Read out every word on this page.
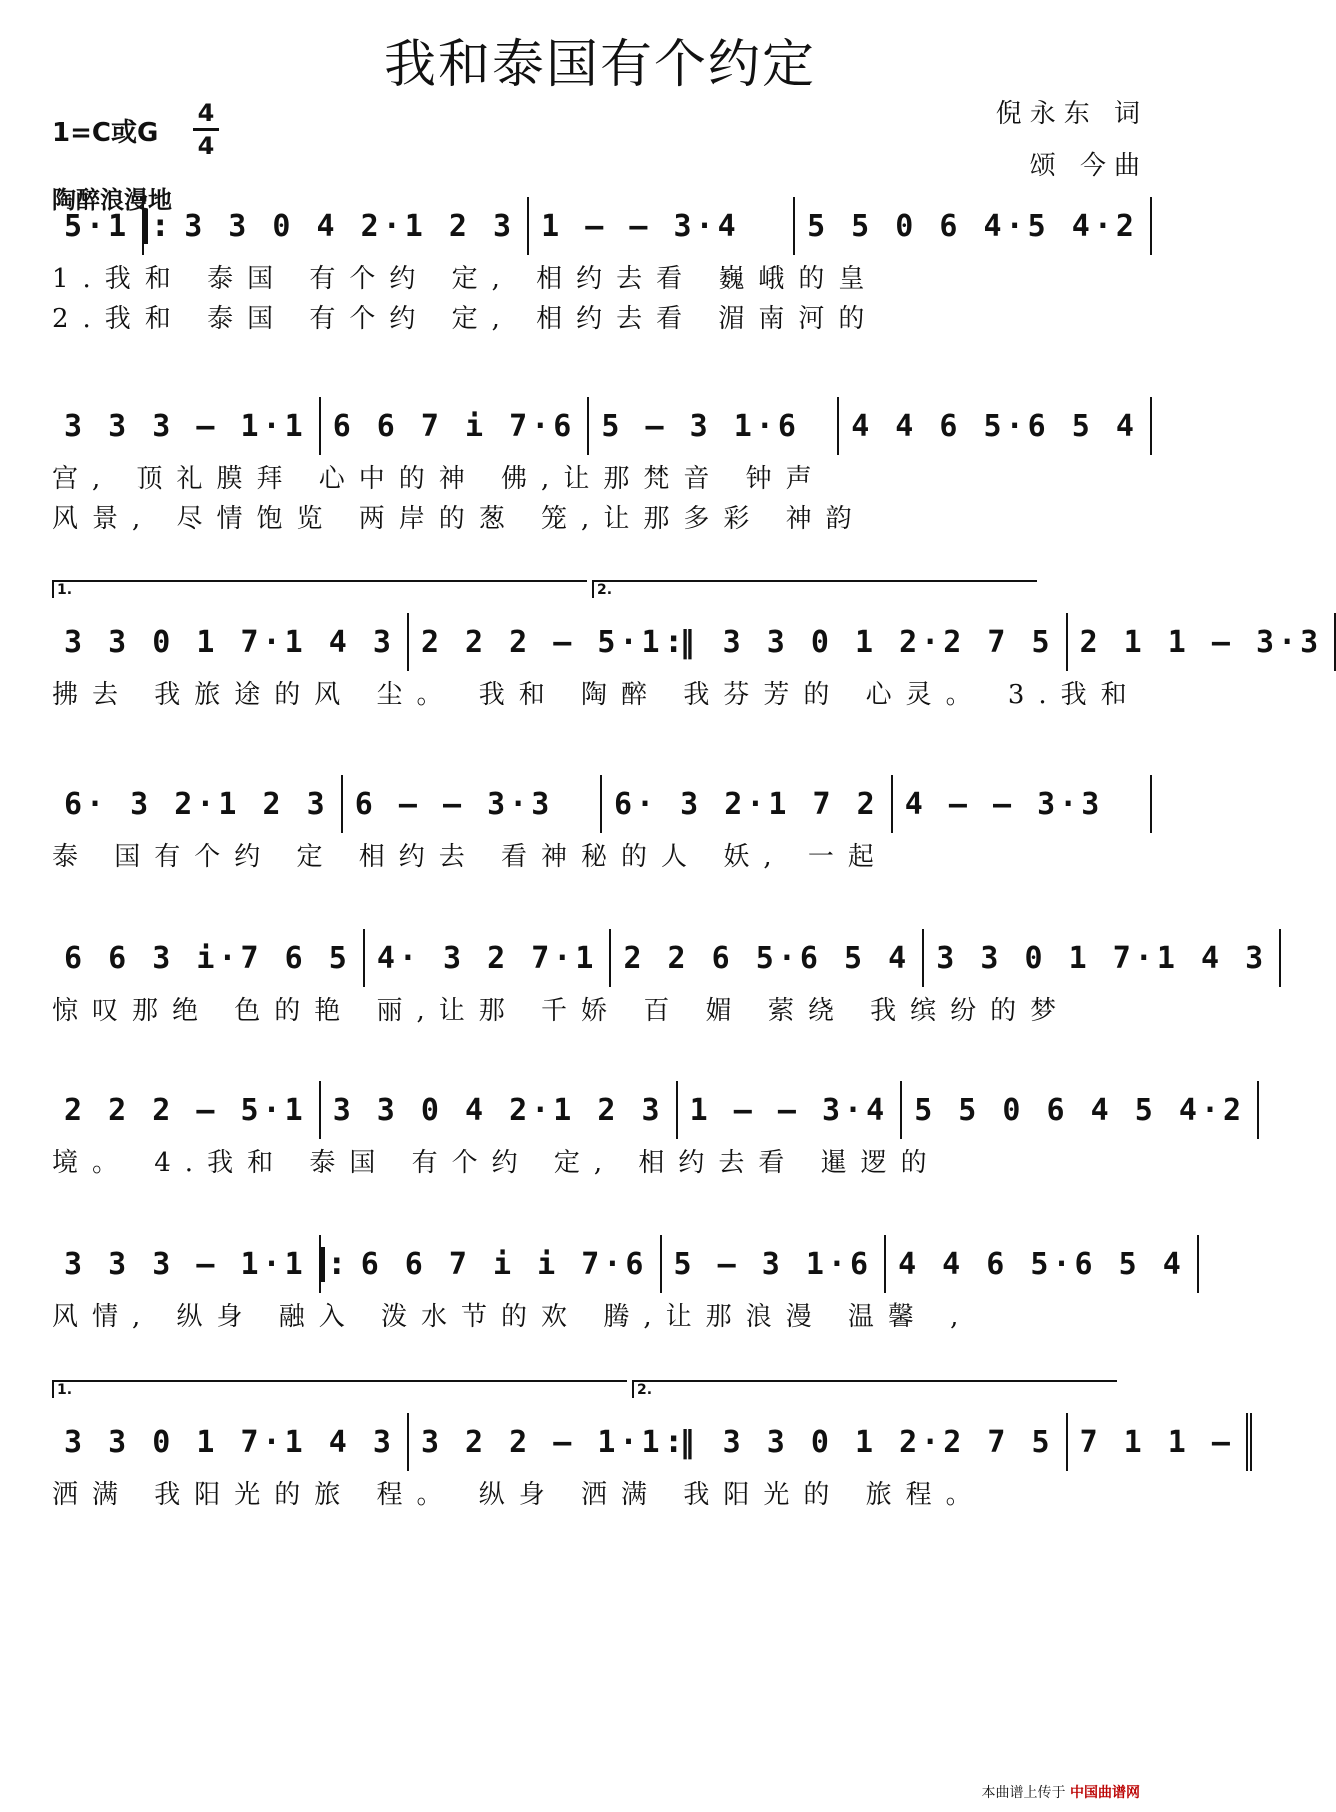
我和泰国有个约定
倪永东 词
颂 今曲
1=C或G
4
4
陶醉浪漫地
5·1 : 3 3 0 4 2·1 2 3 1 – – 3·4 5 5 0 6 4·5 4·2
1.我和 泰国 有个约 定, 相约去看 巍峨的皇
2.我和 泰国 有个约 定, 相约去看 湄南河的
3 3 3 – 1·1 6 6 7 i 7·6 5 – 3 1·6 4 4 6 5·6 5 4
宫, 顶礼膜拜 心中的神 佛,让那梵音 钟声
风景, 尽情饱览 两岸的葱 笼,让那多彩 神韵
1.	2.
3 3 0 1 7·1 4 3 2 2 2 – 5·1 :‖ 3 3 0 1 2·2 7 5 2 1 1 – 3·3
拂去 我旅途的风 尘。 我和 陶醉 我芬芳的 心灵。 3.我和
6· 3 2·1 2 3 6 – – 3·3 6· 3 2·1 7 2 4 – – 3·3
泰 国有个约 定 相约去 看神秘的人 妖, 一起
6 6 3 i·7 6 5 4· 3 2 7·1 2 2 6 5·6 5 4 3 3 0 1 7·1 4 3
惊叹那绝 色的艳 丽,让那 千娇 百 媚 萦绕 我缤纷的梦
2 2 2 – 5·1 3 3 0 4 2·1 2 3 1 – – 3·4 5 5 0 6 4 5 4·2
境。 4.我和 泰国 有个约 定, 相约去看 暹逻的
3 3 3 – 1·1 : 6 6 7 i i 7·6 5 – 3 1·6 4 4 6 5·6 5 4
风情, 纵身 融入 泼水节的欢 腾,让那浪漫 温馨 ,
1.	2.
3 3 0 1 7·1 4 3 3 2 2 – 1·1 :‖ 3 3 0 1 2·2 7 5 7 1 1 –
洒满 我阳光的旅 程。 纵身 洒满 我阳光的 旅程。
本曲谱上传于 中国曲谱网
